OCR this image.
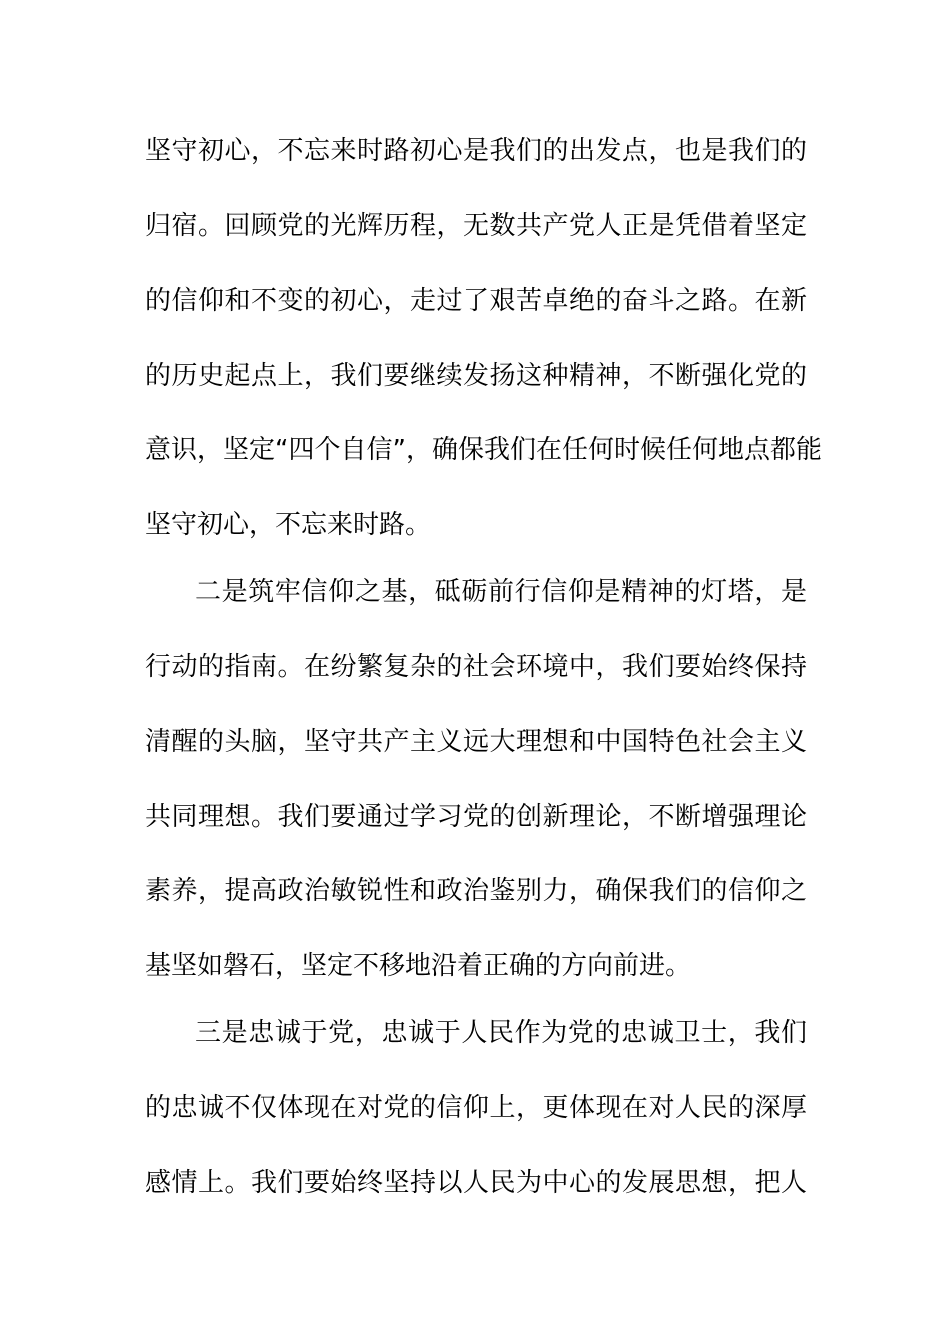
坚守初心，不忘来时路初心是我们的出发点，也是我们的
归宿。回顾党的光辉历程，无数共产党人正是凭借着坚定
的信仰和不变的初心，走过了艰苦卓绝的奋斗之路。在新
的历史起点上，我们要继续发扬这种精神，不断强化党的
意识，坚定“四个自信”，确保我们在任何时候任何地点都能
坚守初心，不忘来时路。
二是筑牢信仰之基，砥砺前行信仰是精神的灯塔，是
行动的指南。在纷繁复杂的社会环境中，我们要始终保持
清醒的头脑，坚守共产主义远大理想和中国特色社会主义
共同理想。我们要通过学习党的创新理论，不断增强理论
素养，提高政治敏锐性和政治鉴别力，确保我们的信仰之
基坚如磐石，坚定不移地沿着正确的方向前进。
三是忠诚于党，忠诚于人民作为党的忠诚卫士，我们
的忠诚不仅体现在对党的信仰上，更体现在对人民的深厚
感情上。我们要始终坚持以人民为中心的发展思想，把人
